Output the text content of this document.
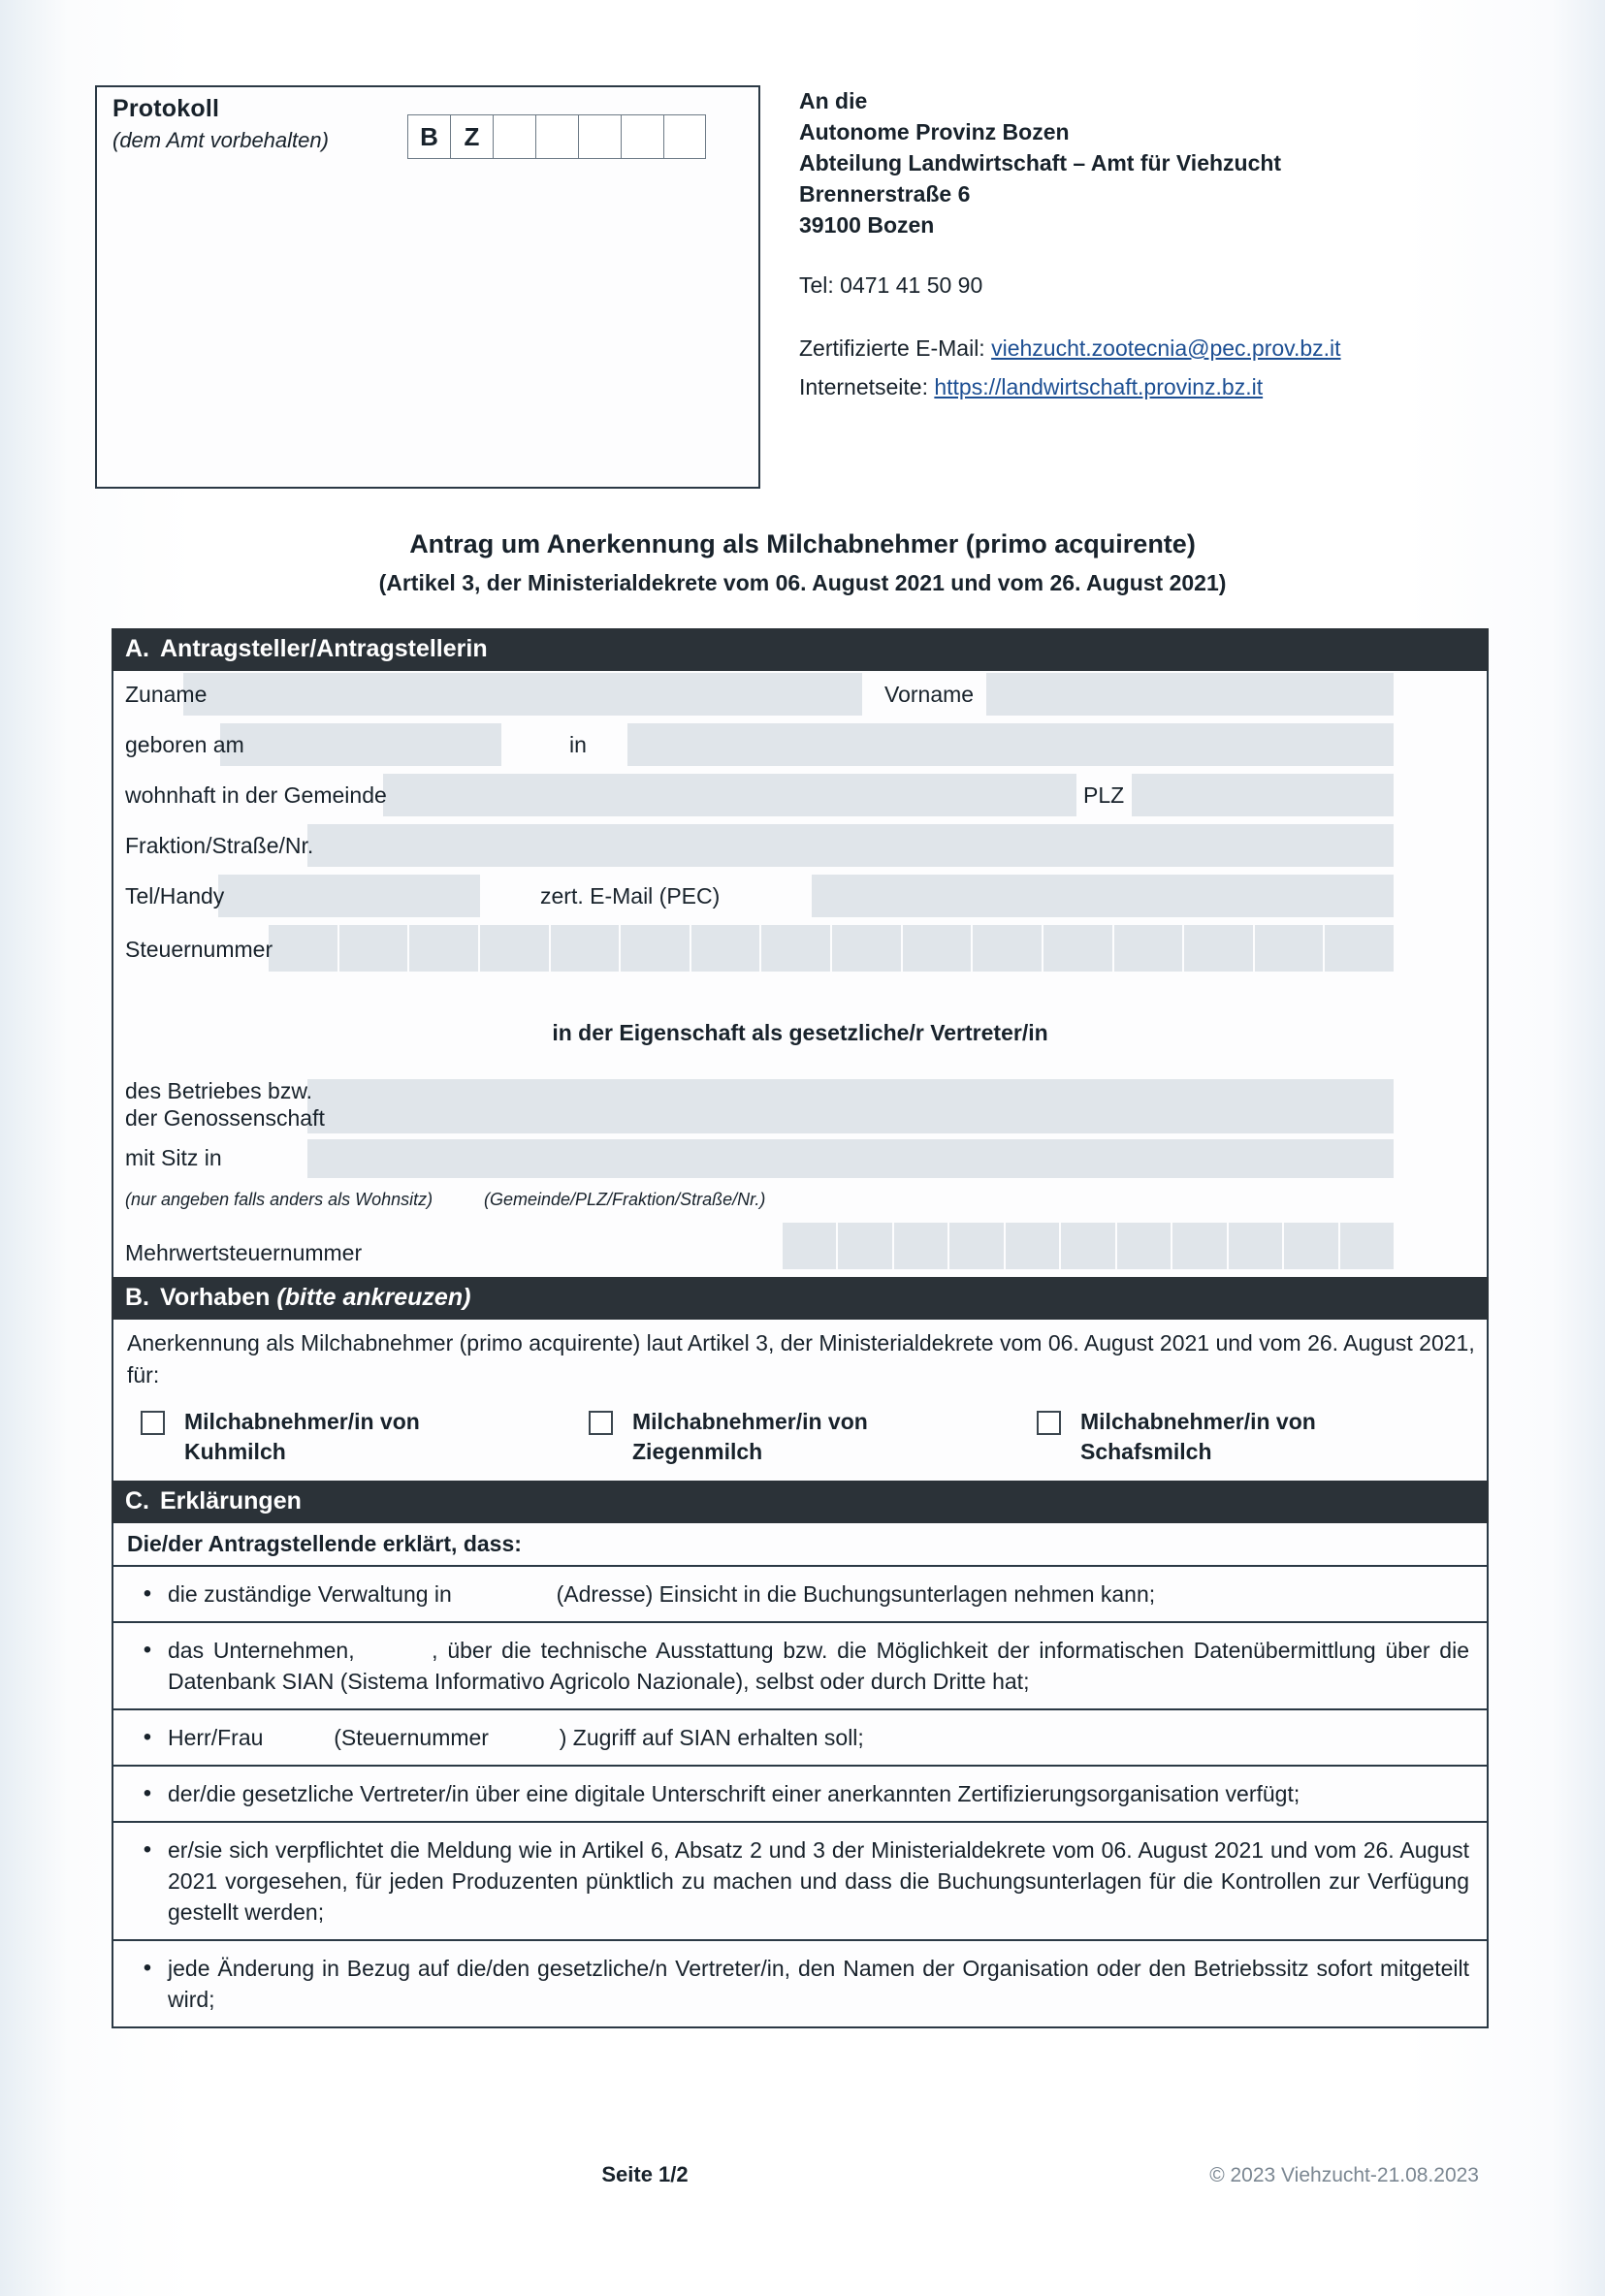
Protokoll
(dem Amt vorbehalten)	B	Z
An die
Autonome Provinz Bozen
Abteilung Landwirtschaft – Amt für Viehzucht
Brennerstraße 6
39100 Bozen
Tel: 0471 41 50 90
Zertifizierte E-Mail: viehzucht.zootecnia@pec.prov.bz.it
Internetseite: https://landwirtschaft.provinz.bz.it
Antrag um Anerkennung als Milchabnehmer (primo acquirente)
(Artikel 3, der Ministerialdekrete vom 06. August 2021 und vom 26. August 2021)
A. Antragsteller/Antragstellerin
Zuname	Vorname
geboren am	in
wohnhaft in der Gemeinde	PLZ
Fraktion/Straße/Nr.
Tel/Handy	zert. E-Mail (PEC)
Steuernummer
in der Eigenschaft als gesetzliche/r Vertreter/in
des Betriebes bzw.
der Genossenschaft
mit Sitz in
(nur angeben falls anders als Wohnsitz)	(Gemeinde/PLZ/Fraktion/Straße/Nr.)
Mehrwertsteuernummer
B. Vorhaben (bitte ankreuzen)
Anerkennung als Milchabnehmer (primo acquirente) laut Artikel 3, der Ministerialdekrete vom 06. August 2021 und vom 26. August 2021, für:
Milchabnehmer/in von
Kuhmilch
Milchabnehmer/in von
Ziegenmilch
Milchabnehmer/in von
Schafsmilch
C. Erklärungen
Die/der Antragstellende erklärt, dass:
• die zuständige Verwaltung in	(Adresse) Einsicht in die Buchungsunterlagen nehmen kann;
• das Unternehmen,	, über die technische Ausstattung bzw. die Möglichkeit der informatischen Datenübermittlung über die Datenbank SIAN (Sistema Informativo Agricolo Nazionale), selbst oder durch Dritte hat;
• Herr/Frau	(Steuernummer	) Zugriff auf SIAN erhalten soll;
• der/die gesetzliche Vertreter/in über eine digitale Unterschrift einer anerkannten Zertifizierungsorganisation verfügt;
• er/sie sich verpflichtet die Meldung wie in Artikel 6, Absatz 2 und 3 der Ministerialdekrete vom 06. August 2021 und vom 26. August 2021 vorgesehen, für jeden Produzenten pünktlich zu machen und dass die Buchungsunterlagen für die Kontrollen zur Verfügung gestellt werden;
• jede Änderung in Bezug auf die/den gesetzliche/n Vertreter/in, den Namen der Organisation oder den Betriebssitz sofort mitgeteilt wird;
Seite 1/2	© 2023 Viehzucht-21.08.2023
